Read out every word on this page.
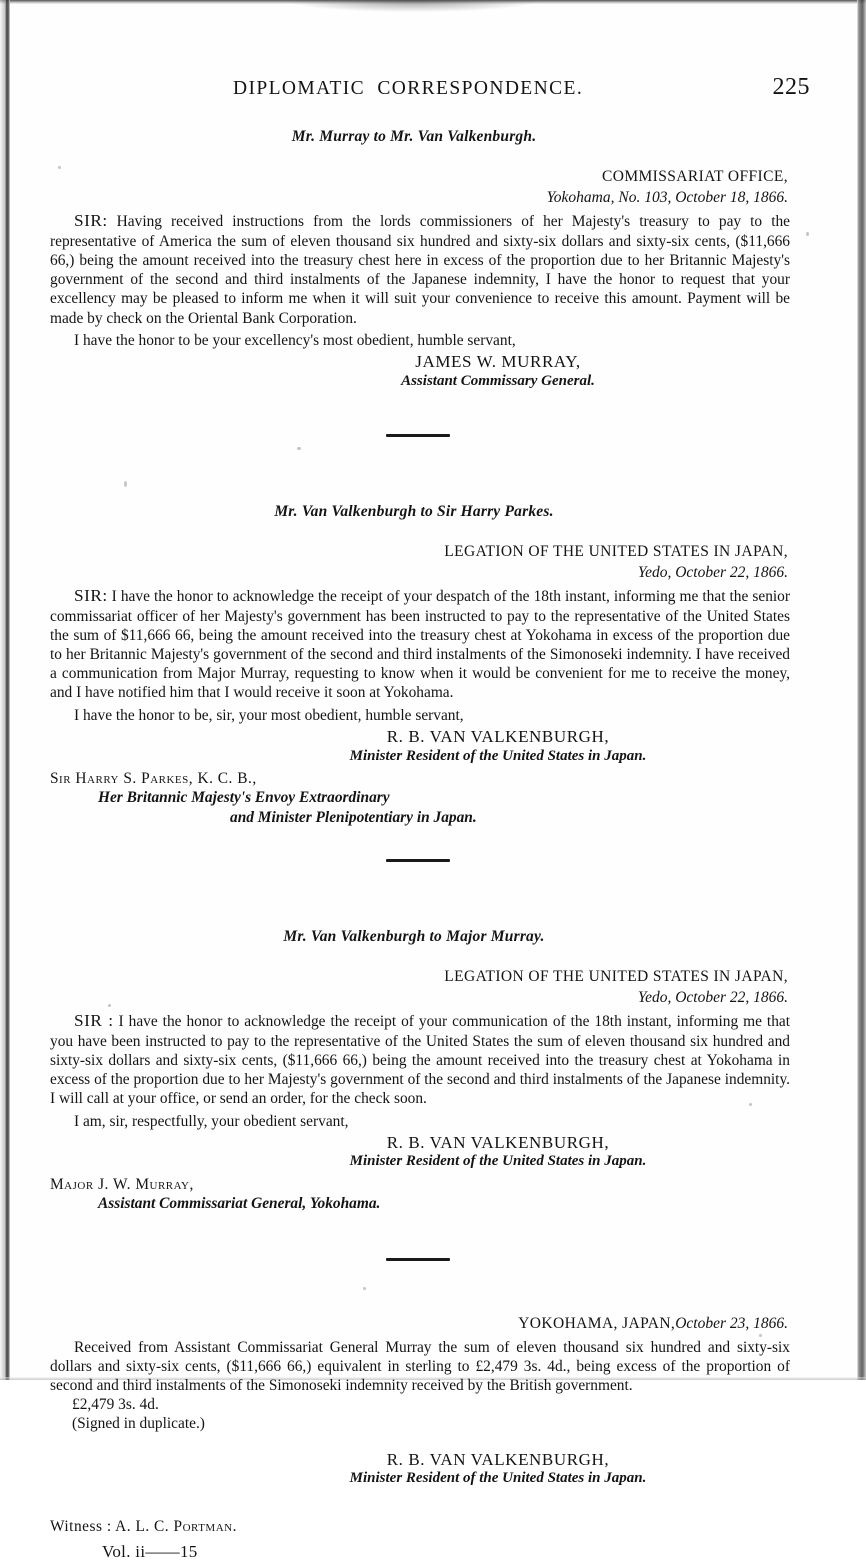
DIPLOMATIC CORRESPONDENCE.	225
Mr. Murray to Mr. Van Valkenburgh.
COMMISSARIAT OFFICE,
Yokohama, No. 103, October 18, 1866.

SIR: Having received instructions from the lords commissioners of her Majesty's treasury to pay to the representative of America the sum of eleven thousand six hundred and sixty-six dollars and sixty-six cents, ($11,666 66,) being the amount received into the treasury chest here in excess of the proportion due to her Britannic Majesty's government of the second and third instalments of the Japanese indemnity, I have the honor to request that your excellency may be pleased to inform me when it will suit your convenience to receive this amount. Payment will be made by check on the Oriental Bank Corporation.

I have the honor to be your excellency's most obedient, humble servant,

JAMES W. MURRAY,
Assistant Commissary General.
Mr. Van Valkenburgh to Sir Harry Parkes.
LEGATION OF THE UNITED STATES IN JAPAN,
Yedo, October 22, 1866.

SIR: I have the honor to acknowledge the receipt of your despatch of the 18th instant, informing me that the senior commissariat officer of her Majesty's government has been instructed to pay to the representative of the United States the sum of $11,666 66, being the amount received into the treasury chest at Yokohama in excess of the proportion due to her Britannic Majesty's government of the second and third instalments of the Simonoseki indemnity. I have received a communication from Major Murray, requesting to know when it would be convenient for me to receive the money, and I have notified him that I would receive it soon at Yokohama.

I have the honor to be, sir, your most obedient, humble servant,

R. B. VAN VALKENBURGH,
Minister Resident of the United States in Japan.
Sir Harry S. Parkes, K. C. B.,
Her Britannic Majesty's Envoy Extraordinary
and Minister Plenipotentiary in Japan.
Mr. Van Valkenburgh to Major Murray.
LEGATION OF THE UNITED STATES IN JAPAN,
Yedo, October 22, 1866.

SIR : I have the honor to acknowledge the receipt of your communication of the 18th instant, informing me that you have been instructed to pay to the representative of the United States the sum of eleven thousand six hundred and sixty-six dollars and sixty-six cents, ($11,666 66,) being the amount received into the treasury chest at Yokohama in excess of the proportion due to her Majesty's government of the second and third instalments of the Japanese indemnity. I will call at your office, or send an order, for the check soon.

I am, sir, respectfully, your obedient servant,

R. B. VAN VALKENBURGH,
Minister Resident of the United States in Japan.
Major J. W. Murray,
Assistant Commissariat General, Yokohama.
YOKOHAMA, JAPAN,October 23, 1866.

Received from Assistant Commissariat General Murray the sum of eleven thousand six hundred and sixty-six dollars and sixty-six cents, ($11,666 66,) equivalent in sterling to £2,479 3s. 4d., being excess of the proportion of second and third instalments of the Simonoseki indemnity received by the British government.

£2,479 3s. 4d.
(Signed in duplicate.)
R. B. VAN VALKENBURGH,
Minister Resident of the United States in Japan.
Witness : A. L. C. Portman.
Vol. ii——15
